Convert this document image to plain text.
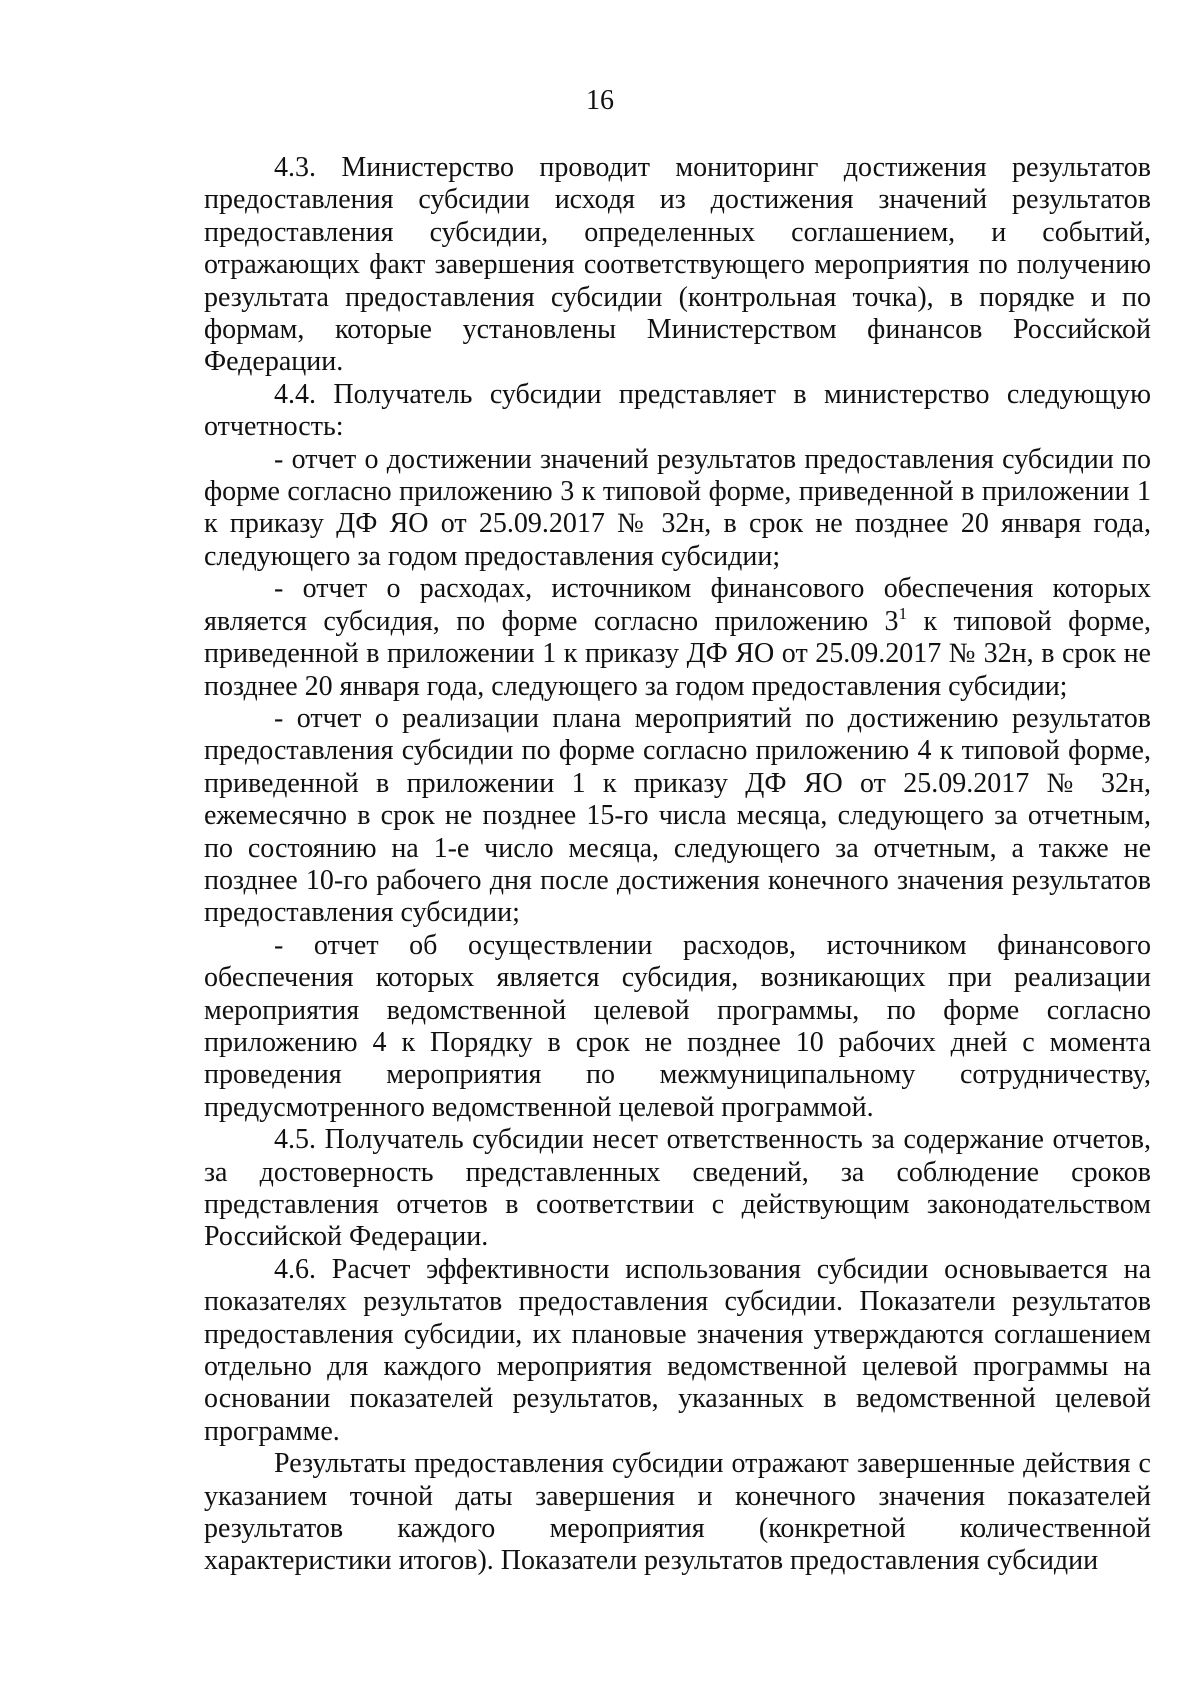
16

4.3. Министерство проводит мониторинг достижения результатов предоставления субсидии исходя из достижения значений результатов предоставления субсидии, определенных соглашением, и событий, отражающих факт завершения соответствующего мероприятия по получению результата предоставления субсидии (контрольная точка), в порядке и по формам, которые установлены Министерством финансов Российской Федерации.

4.4. Получатель субсидии представляет в министерство следующую отчетность:

- отчет о достижении значений результатов предоставления субсидии по форме согласно приложению 3 к типовой форме, приведенной в приложении 1 к приказу ДФ ЯО от 25.09.2017 № 32н, в срок не позднее 20 января года, следующего за годом предоставления субсидии;

- отчет о расходах, источником финансового обеспечения которых является субсидия, по форме согласно приложению $3^1$ к типовой форме, приведенной в приложении 1 к приказу ДФ ЯО от 25.09.2017 № 32н, в срок не позднее 20 января года, следующего за годом предоставления субсидии;

- отчет о реализации плана мероприятий по достижению результатов предоставления субсидии по форме согласно приложению 4 к типовой форме, приведенной в приложении 1 к приказу ДФ ЯО от 25.09.2017 № 32н, ежемесячно в срок не позднее 15-го числа месяца, следующего за отчетным, по состоянию на 1-е число месяца, следующего за отчетным, а также не позднее 10-го рабочего дня после достижения конечного значения результатов предоставления субсидии;

- отчет об осуществлении расходов, источником финансового обеспечения которых является субсидия, возникающих при реализации мероприятия ведомственной целевой программы, по форме согласно приложению 4 к Порядку в срок не позднее 10 рабочих дней с момента проведения мероприятия по межмуниципальному сотрудничеству, предусмотренного ведомственной целевой программой.

4.5. Получатель субсидии несет ответственность за содержание отчетов, за достоверность представленных сведений, за соблюдение сроков представления отчетов в соответствии с действующим законодательством Российской Федерации.

4.6. Расчет эффективности использования субсидии основывается на показателях результатов предоставления субсидии. Показатели результатов предоставления субсидии, их плановые значения утверждаются соглашением отдельно для каждого мероприятия ведомственной целевой программы на основании показателей результатов, указанных в ведомственной целевой программе.

Результаты предоставления субсидии отражают завершенные действия с указанием точной даты завершения и конечного значения показателей результатов каждого мероприятия (конкретной количественной характеристики итогов). Показатели результатов предоставления субсидии
